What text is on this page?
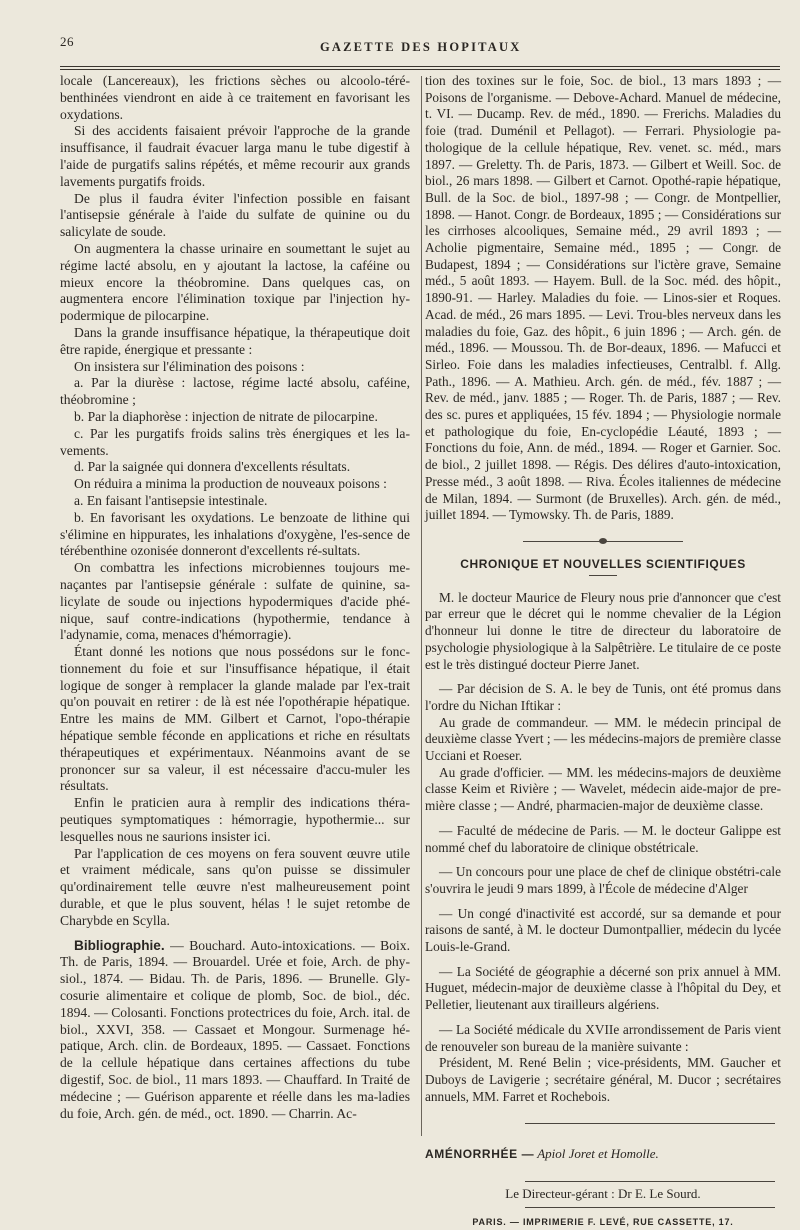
26	GAZETTE DES HOPITAUX

locale (Lancereaux), les frictions sèches ou alcoolo-téré-benthinées viendront en aide à ce traitement en favorisant les oxydations.

Si des accidents faisaient prévoir l'approche de la grande insuffisance, il faudrait évacuer larga manu le tube digestif à l'aide de purgatifs salins répétés, et même recourir aux grands lavements purgatifs froids.

De plus il faudra éviter l'infection possible en faisant l'antisepsie générale à l'aide du sulfate de quinine ou du salicylate de soude.

On augmentera la chasse urinaire en soumettant le sujet au régime lacté absolu, en y ajoutant la lactose, la caféine ou mieux encore la théobromine. Dans quelques cas, on augmentera encore l'élimination toxique par l'injection hy-podermique de pilocarpine.

Dans la grande insuffisance hépatique, la thérapeutique doit être rapide, énergique et pressante :

On insistera sur l'élimination des poisons :

a. Par la diurèse : lactose, régime lacté absolu, caféine, théobromine ;

b. Par la diaphorèse : injection de nitrate de pilocarpine.

c. Par les purgatifs froids salins très énergiques et les la-vements.

d. Par la saignée qui donnera d'excellents résultats.

On réduira a minima la production de nouveaux poisons :

a. En faisant l'antisepsie intestinale.

b. En favorisant les oxydations. Le benzoate de lithine qui s'élimine en hippurates, les inhalations d'oxygène, l'es-sence de térébenthine ozonisée donneront d'excellents ré-sultats.

On combattra les infections microbiennes toujours me-naçantes par l'antisepsie générale : sulfate de quinine, sa-licylate de soude ou injections hypodermiques d'acide phé-nique, sauf contre-indications (hypothermie, tendance à l'adynamie, coma, menaces d'hémorragie).

Étant donné les notions que nous possédons sur le fonc-tionnement du foie et sur l'insuffisance hépatique, il était logique de songer à remplacer la glande malade par l'ex-trait qu'on pouvait en retirer : de là est née l'opothérapie hépatique. Entre les mains de MM. Gilbert et Carnot, l'opo-thérapie hépatique semble féconde en applications et riche en résultats thérapeutiques et expérimentaux. Néanmoins avant de se prononcer sur sa valeur, il est nécessaire d'accu-muler les résultats.

Enfin le praticien aura à remplir des indications théra-peutiques symptomatiques : hémorragie, hypothermie... sur lesquelles nous ne saurions insister ici.

Par l'application de ces moyens on fera souvent œuvre utile et vraiment médicale, sans qu'on puisse se dissimuler qu'ordinairement telle œuvre n'est malheureusement point durable, et que le plus souvent, hélas ! le sujet retombe de Charybde en Scylla.

Bibliographie. — Bouchard. Auto-intoxications. — Boix. Th. de Paris, 1894. — Brouardel. Urée et foie, Arch. de phy-siol., 1874. — Bidau. Th. de Paris, 1896. — Brunelle. Gly-cosurie alimentaire et colique de plomb, Soc. de biol., déc. 1894. — Colosanti. Fonctions protectrices du foie, Arch. ital. de biol., XXVI, 358. — Cassaet et Mongour. Surmenage hé-patique, Arch. clin. de Bordeaux, 1895. — Cassaet. Fonctions de la cellule hépatique dans certaines affections du tube digestif, Soc. de biol., 11 mars 1893. — Chauffard. In Traité de médecine ; — Guérison apparente et réelle dans les ma-ladies du foie, Arch. gén. de méd., oct. 1890. — Charrin. Ac-

tion des toxines sur le foie, Soc. de biol., 13 mars 1893 ; — Poisons de l'organisme. — Debove-Achard. Manuel de médecine, t. VI. — Ducamp. Rev. de méd., 1890. — Frerichs. Maladies du foie (trad. Duménil et Pellagot). — Ferrari. Physiologie pa-thologique de la cellule hépatique, Rev. venet. sc. méd., mars 1897. — Greletty. Th. de Paris, 1873. — Gilbert et Weill. Soc. de biol., 26 mars 1898. — Gilbert et Carnot. Opothé-rapie hépatique, Bull. de la Soc. de biol., 1897-98 ; — Congr. de Montpellier, 1898. — Hanot. Congr. de Bordeaux, 1895 ; — Considérations sur les cirrhoses alcooliques, Semaine méd., 29 avril 1893 ; — Acholie pigmentaire, Semaine méd., 1895 ; — Congr. de Budapest, 1894 ; — Considérations sur l'ictère grave, Semaine méd., 5 août 1893. — Hayem. Bull. de la Soc. méd. des hôpit., 1890-91. — Harley. Maladies du foie. — Linos-sier et Roques. Acad. de méd., 26 mars 1895. — Levi. Trou-bles nerveux dans les maladies du foie, Gaz. des hôpit., 6 juin 1896 ; — Arch. gén. de méd., 1896. — Moussou. Th. de Bor-deaux, 1896. — Mafucci et Sirleo. Foie dans les maladies infectieuses, Centralbl. f. Allg. Path., 1896. — A. Mathieu. Arch. gén. de méd., fév. 1887 ; — Rev. de méd., janv. 1885 ; — Roger. Th. de Paris, 1887 ; — Rev. des sc. pures et appliquées, 15 fév. 1894 ; — Physiologie normale et pathologique du foie, En-cyclopédie Léauté, 1893 ; — Fonctions du foie, Ann. de méd., 1894. — Roger et Garnier. Soc. de biol., 2 juillet 1898. — Régis. Des délires d'auto-intoxication, Presse méd., 3 août 1898. — Riva. Écoles italiennes de médecine de Milan, 1894. — Surmont (de Bruxelles). Arch. gén. de méd., juillet 1894. — Tymowsky. Th. de Paris, 1889.

CHRONIQUE ET NOUVELLES SCIENTIFIQUES

M. le docteur Maurice de Fleury nous prie d'annoncer que c'est par erreur que le décret qui le nomme chevalier de la Légion d'honneur lui donne le titre de directeur du laboratoire de psychologie physiologique à la Salpêtrière. Le titulaire de ce poste est le très distingué docteur Pierre Janet.

— Par décision de S. A. le bey de Tunis, ont été promus dans l'ordre du Nichan Iftikar :

Au grade de commandeur. — MM. le médecin principal de deuxième classe Yvert ; — les médecins-majors de première classe Ucciani et Roeser.

Au grade d'officier. — MM. les médecins-majors de deuxième classe Keim et Rivière ; — Wavelet, médecin aide-major de pre-mière classe ; — André, pharmacien-major de deuxième classe.

— Faculté de médecine de Paris. — M. le docteur Galippe est nommé chef du laboratoire de clinique obstétricale.

— Un concours pour une place de chef de clinique obstétri-cale s'ouvrira le jeudi 9 mars 1899, à l'École de médecine d'Alger

— Un congé d'inactivité est accordé, sur sa demande et pour raisons de santé, à M. le docteur Dumontpallier, médecin du lycée Louis-le-Grand.

— La Société de géographie a décerné son prix annuel à MM. Huguet, médecin-major de deuxième classe à l'hôpital du Dey, et Pelletier, lieutenant aux tirailleurs algériens.

— La Société médicale du XVIIe arrondissement de Paris vient de renouveler son bureau de la manière suivante :

Président, M. René Belin ; vice-présidents, MM. Gaucher et Duboys de Lavigerie ; secrétaire général, M. Ducor ; secrétaires annuels, MM. Farret et Rochebois.

AMÉNORRHÉE — Apiol Joret et Homolle.

Le Directeur-gérant : Dr E. Le Sourd.

PARIS. — IMPRIMERIE F. LEVÉ, RUE CASSETTE, 17.
